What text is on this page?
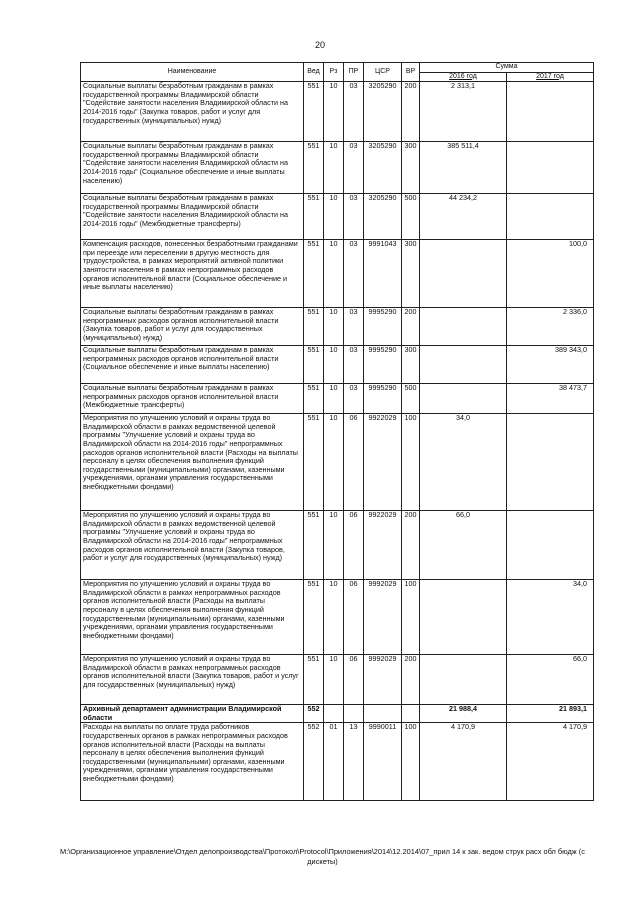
20
Наименование	Вед	Рз	ПР	ЦСР	ВР	Сумма	
						2016 год	2017 год
Социальные выплаты безработным гражданам в рамках государственной программы Владимирской области "Содействие занятости населения Владимирской области на 2014-2016 годы" (Закупка товаров, работ и услуг для государственных (муниципальных) нужд)	551	10	03	3205290	200	2 313,1	
Социальные выплаты безработным гражданам в рамках государственной программы Владимирской области "Содействие занятости населения Владимирской области на 2014-2016 годы" (Социальное обеспечение и иные выплаты населению)	551	10	03	3205290	300	385 511,4	
Социальные выплаты безработным гражданам в рамках государственной программы Владимирской области "Содействие занятости населения Владимирской области на 2014-2016 годы" (Межбюджетные трансферты)	551	10	03	3205290	500	44 234,2	
Компенсация расходов, понесенных безработными гражданами при переезде или переселении в другую местность для трудоустройства, в рамках мероприятий активной политики занятости населения в рамках непрограммных расходов органов исполнительной власти (Социальное обеспечение и иные выплаты населению)	551	10	03	9991043	300		100,0
Социальные выплаты безработным гражданам в рамках непрограммных расходов органов исполнительной власти (Закупка товаров, работ и услуг для государственных (муниципальных) нужд)	551	10	03	9995290	200		2 336,0
Социальные выплаты безработным гражданам в рамках непрограммных расходов органов исполнительной власти (Социальное обеспечение и иные выплаты населению)	551	10	03	9995290	300		389 343,0
Социальные выплаты безработным гражданам в рамках непрограммных расходов органов исполнительной власти (Межбюджетные трансферты)	551	10	03	9995290	500		38 473,7
Мероприятия по улучшению условий и охраны труда во Владимирской области в рамках ведомственной целевой программы "Улучшение условий и охраны труда во Владимирской области на 2014-2016 годы" непрограммных расходов органов исполнительной власти (Расходы на выплаты персоналу в целях обеспечения выполнения функций государственными (муниципальными) органами, казенными учреждениями, органами управления государственными внебюджетными фондами)	551	10	06	9922029	100	34,0	
Мероприятия по улучшению условий и охраны труда во Владимирской области в рамках ведомственной целевой программы "Улучшение условий и охраны труда во Владимирской области на 2014-2016 годы" непрограммных расходов органов исполнительной власти (Закупка товаров, работ и услуг для государственных (муниципальных) нужд)	551	10	06	9922029	200	66,0	
Мероприятия по улучшению условий и охраны труда во Владимирской области в рамках непрограммных расходов органов исполнительной власти (Расходы на выплаты персоналу в целях обеспечения выполнения функций государственными (муниципальными) органами, казенными учреждениями, органами управления государственными внебюджетными фондами)	551	10	06	9992029	100		34,0
Мероприятия по улучшению условий и охраны труда во Владимирской области в рамках непрограммных расходов органов исполнительной власти (Закупка товаров, работ и услуг для государственных (муниципальных) нужд)	551	10	06	9992029	200		66,0
Архивный департамент администрации Владимирской области	552					21 988,4	21 893,1
Расходы на выплаты по оплате труда работников государственных органов в рамках непрограммных расходов органов исполнительной власти (Расходы на выплаты персоналу в целях обеспечения выполнения функций государственными (муниципальными) органами, казенными учреждениями, органами управления государственными внебюджетными фондами)	552	01	13	9990011	100	4 170,9	4 170,9
M:\Организационное управление\Отдел делопроизводства\Протокол\Protocol\Приложения\2014\12.2014\07_прил 14 к зак. ведом струк расх обл бюдж (с дискеты)
